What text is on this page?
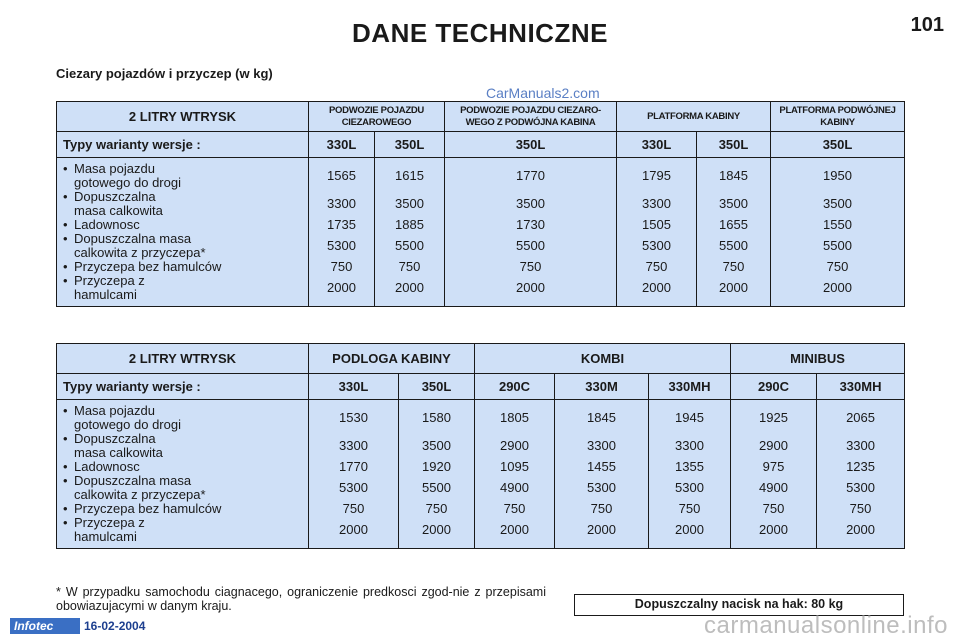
DANE TECHNICZNE	101
Ciezary pojazdów i przyczep (w kg)
CarManuals2.com
2 LITRY WTRYSK	PODWOZIE POJAZDU CIEZAROWEGO		PODWOZIE POJAZDU CIEZARO-WEGO Z PODWÓJNA KABINA	PLATFORMA KABINY		PLATFORMA PODWÓJNEJ KABINY
Typy warianty wersje :	330L	350L	350L	330L	350L	350L
• Masa pojazdu
gotowego do drogi	1565	1615	1770	1795	1845	1950
• Dopuszczalna
masa calkowita	3300	3500	3500	3300	3500	3500
• Ladownosc	1735	1885	1730	1505	1655	1550
• Dopuszczalna masa
calkowita z przyczepa*	5300	5500	5500	5300	5500	5500
• Przyczepa bez hamulców	750	750	750	750	750	750
• Przyczepa z
hamulcami	2000	2000	2000	2000	2000	2000
2 LITRY WTRYSK	PODLOGA KABINY		KOMBI			MINIBUS	
Typy warianty wersje :	330L	350L	290C	330M	330MH	290C	330MH
• Masa pojazdu
gotowego do drogi	1530	1580	1805	1845	1945	1925	2065
• Dopuszczalna
masa calkowita	3300	3500	2900	3300	3300	2900	3300
• Ladownosc	1770	1920	1095	1455	1355	975	1235
• Dopuszczalna masa
calkowita z przyczepa*	5300	5500	4900	5300	5300	4900	5300
• Przyczepa bez hamulców	750	750	750	750	750	750	750
• Przyczepa z
hamulcami	2000	2000	2000	2000	2000	2000	2000
* W przypadku samochodu ciagnacego, ograniczenie predkosci zgod-nie z przepisami obowiazujacymi w danym kraju.	Dopuszczalny nacisk na hak: 80 kg
Infotec	16-02-2004	carmanualsonline.info
